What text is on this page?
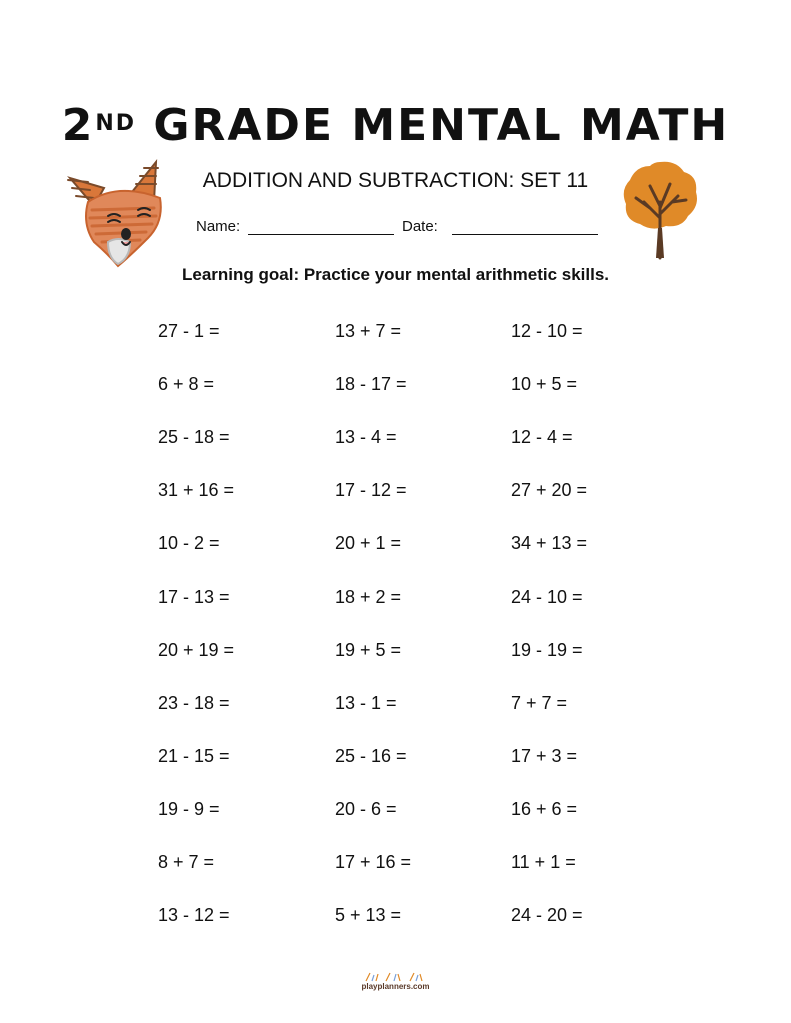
2ND GRADE MENTAL MATH
ADDITION AND SUBTRACTION: SET 11
Name:	Date:
Learning goal: Practice your mental arithmetic skills.
27 - 1 =
6 + 8 =
25 - 18 =
31 + 16 =
10 - 2 =
17 - 13 =
20 + 19 =
23 - 18 =
21 - 15 =
19 - 9 =
8 + 7 =
13 - 12 =
13 + 7 =
18 - 17 =
13 - 4 =
17 - 12 =
20 + 1 =
18 + 2 =
19 + 5 =
13 - 1 =
25 - 16 =
20 - 6 =
17 + 16 =
5 + 13 =
12 - 10 =
10 + 5 =
12 - 4 =
27 + 20 =
34 + 13 =
24 - 10 =
19 - 19 =
7 + 7 =
17 + 3 =
16 + 6 =
11 + 1 =
24 - 20 =
playplanners.com
